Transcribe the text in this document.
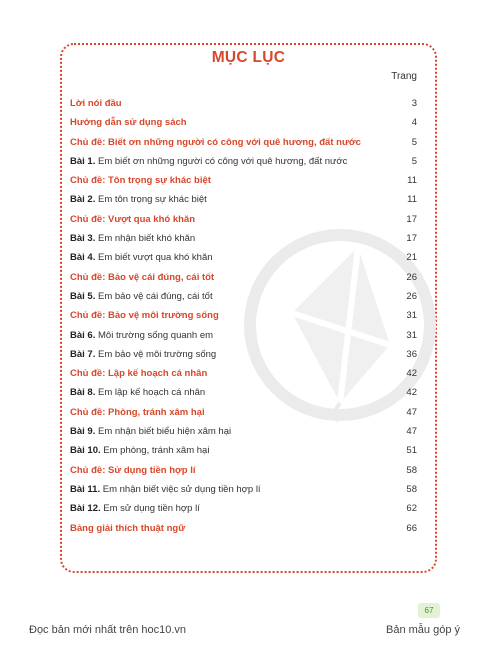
MỤC LỤC
Trang
Lời nói đầu	3
Hướng dẫn sử dụng sách	4
Chủ đề: Biết ơn những người có công với quê hương, đất nước	5
Bài 1. Em biết ơn những người có công với quê hương, đất nước	5
Chủ đề: Tôn trọng sự khác biệt	11
Bài 2. Em tôn trọng sự khác biệt	11
Chủ đề: Vượt qua khó khăn	17
Bài 3. Em nhận biết khó khăn	17
Bài 4. Em biết vượt qua khó khăn	21
Chủ đề: Bảo vệ cái đúng, cái tốt	26
Bài 5. Em bảo vệ cái đúng, cái tốt	26
Chủ đề: Bảo vệ môi trường sống	31
Bài 6. Môi trường sống quanh em	31
Bài 7. Em bảo vệ môi trường sống	36
Chủ đề: Lập kế hoạch cá nhân	42
Bài 8. Em lập kế hoạch cá nhân	42
Chủ đề: Phòng, tránh xâm hại	47
Bài 9. Em nhận biết biểu hiện xâm hại	47
Bài 10. Em phòng, tránh xâm hại	51
Chủ đề: Sử dụng tiền hợp lí	58
Bài 11. Em nhận biết việc sử dụng tiền hợp lí	58
Bài 12. Em sử dụng tiền hợp lí	62
Bảng giải thích thuật ngữ	66
67
Đọc bản mới nhất trên hoc10.vn	Bản mẫu góp ý
